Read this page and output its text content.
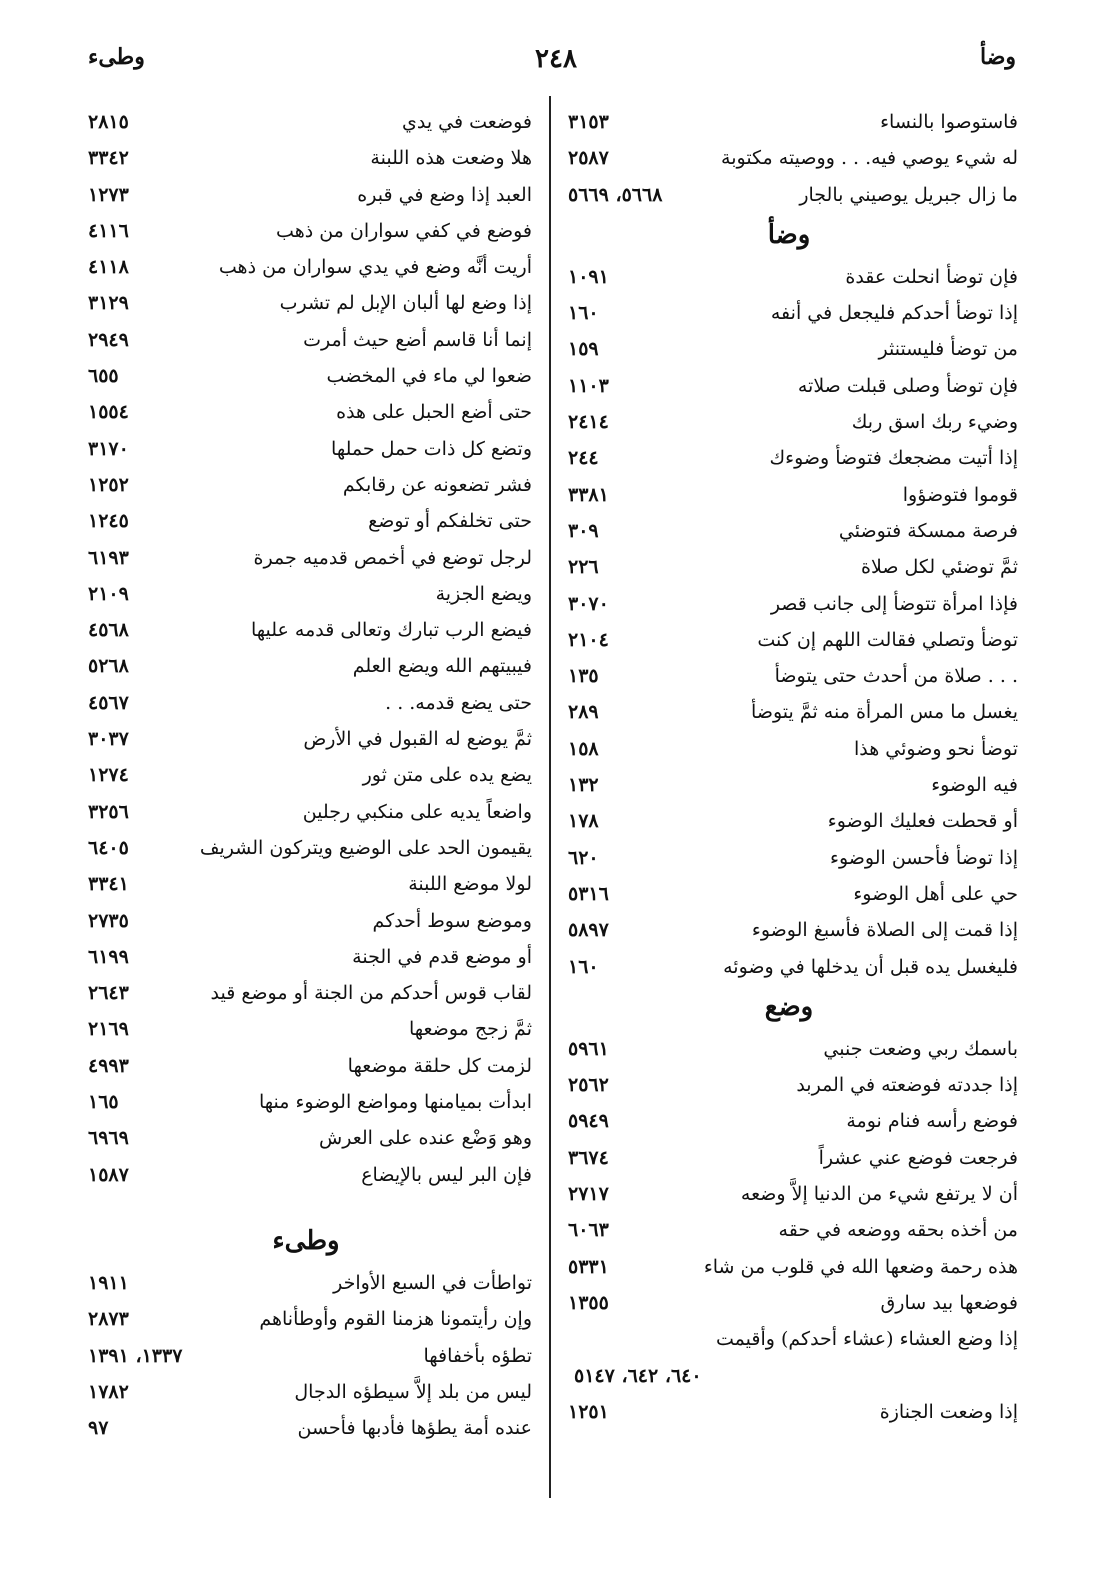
وضأ
٢٤٨
وطىء
فاستوصوا بالنساء
٣١٥٣
له شيء يوصي فيه. . . ووصيته مكتوبة
٢٥٨٧
ما زال جبريل يوصيني بالجار
٥٦٦٨، ٥٦٦٩
وضأ
فإن توضأ انحلت عقدة
١٠٩١
إذا توضأ أحدكم فليجعل في أنفه
١٦٠
من توضأ فليستنثر
١٥٩
فإن توضأ وصلى قبلت صلاته
١١٠٣
وضيء ربك اسق ربك
٢٤١٤
إذا أتيت مضجعك فتوضأ وضوءك
٢٤٤
قوموا فتوضؤوا
٣٣٨١
فرصة ممسكة فتوضئي
٣٠٩
ثمَّ توضئي لكل صلاة
٢٢٦
فإذا امرأة تتوضأ إلى جانب قصر
٣٠٧٠
توضأ وتصلي فقالت اللهم إن كنت
٢١٠٤
. . . صلاة من أحدث حتى يتوضأ
١٣٥
يغسل ما مس المرأة منه ثمَّ يتوضأ
٢٨٩
توضأ نحو وضوئي هذا
١٥٨
فيه الوضوء
١٣٢
أو قحطت فعليك الوضوء
١٧٨
إذا توضأ فأحسن الوضوء
٦٢٠
حي على أهل الوضوء
٥٣١٦
إذا قمت إلى الصلاة فأسبغ الوضوء
٥٨٩٧
فليغسل يده قبل أن يدخلها في وضوئه
١٦٠
وضع
باسمك ربي وضعت جنبي
٥٩٦١
إذا جددته فوضعته في المربد
٢٥٦٢
فوضع رأسه فنام نومة
٥٩٤٩
فرجعت فوضع عني عشراً
٣٦٧٤
أن لا يرتفع شيء من الدنيا إلاَّ وضعه
٢٧١٧
من أخذه بحقه ووضعه في حقه
٦٠٦٣
هذه رحمة وضعها الله في قلوب من شاء
٥٣٣١
فوضعها بيد سارق
١٣٥٥
إذا وضع العشاء (عشاء أحدكم) وأقيمت
٦٤٠، ٦٤٢، ٥١٤٧
إذا وضعت الجنازة
١٢٥١
فوضعت في يدي
٢٨١٥
هلا وضعت هذه اللبنة
٣٣٤٢
العبد إذا وضع في قبره
١٢٧٣
فوضع في كفي سواران من ذهب
٤١١٦
أريت أنَّه وضع في يدي سواران من ذهب
٤١١٨
إذا وضع لها ألبان الإبل لم تشرب
٣١٢٩
إنما أنا قاسم أضع حيث أمرت
٢٩٤٩
ضعوا لي ماء في المخضب
٦٥٥
حتى أضع الحبل على هذه
١٥٥٤
وتضع كل ذات حمل حملها
٣١٧٠
فشر تضعونه عن رقابكم
١٢٥٢
حتى تخلفكم أو توضع
١٢٤٥
لرجل توضع في أخمص قدميه جمرة
٦١٩٣
ويضع الجزية
٢١٠٩
فيضع الرب تبارك وتعالى قدمه عليها
٤٥٦٨
فيبيتهم الله ويضع العلم
٥٢٦٨
حتى يضع قدمه. . .
٤٥٦٧
ثمَّ يوضع له القبول في الأرض
٣٠٣٧
يضع يده على متن ثور
١٢٧٤
واضعاً يديه على منكبي رجلين
٣٢٥٦
يقيمون الحد على الوضيع ويتركون الشريف
٦٤٠٥
لولا موضع اللبنة
٣٣٤١
وموضع سوط أحدكم
٢٧٣٥
أو موضع قدم في الجنة
٦١٩٩
لقاب قوس أحدكم من الجنة أو موضع قيد
٢٦٤٣
ثمَّ زجج موضعها
٢١٦٩
لزمت كل حلقة موضعها
٤٩٩٣
ابدأت بميامنها ومواضع الوضوء منها
١٦٥
وهو وَضْع عنده على العرش
٦٩٦٩
فإن البر ليس بالإيضاع
١٥٨٧
وطىء
تواطأت في السبع الأواخر
١٩١١
وإن رأيتمونا هزمنا القوم وأوطأناهم
٢٨٧٣
تطؤه بأخفافها
١٣٣٧، ١٣٩١
ليس من بلد إلاَّ سيطؤه الدجال
١٧٨٢
عنده أمة يطؤها فأدبها فأحسن
٩٧
